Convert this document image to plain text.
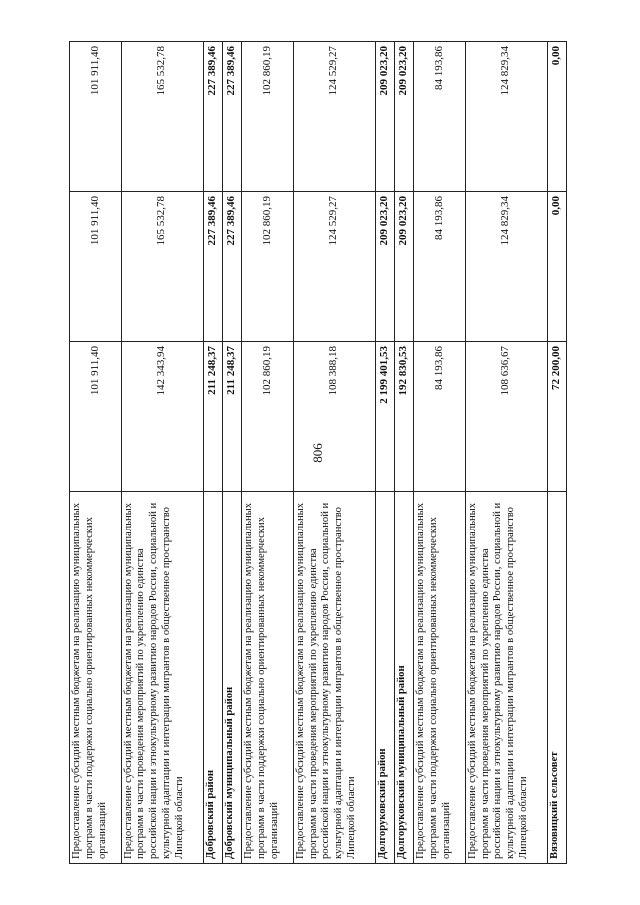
806
Предоставление субсидий местным бюджетам на реализацию муниципальных программ в части поддержки социально ориентированных некоммерческих организаций	101 911,40	101 911,40	101 911,40
Предоставление субсидий местным бюджетам на реализацию муниципальных программ в части проведения мероприятий по укреплению единства российской нации и этнокультурному развитию народов России, социальной и культурной адаптации и интеграции мигрантов в общественное пространство Липецкой области	142 343,94	165 532,78	165 532,78
Добровский район	211 248,37	227 389,46	227 389,46
Добровский муниципальный район	211 248,37	227 389,46	227 389,46
Предоставление субсидий местным бюджетам на реализацию муниципальных программ в части поддержки социально ориентированных некоммерческих организаций	102 860,19	102 860,19	102 860,19
Предоставление субсидий местным бюджетам на реализацию муниципальных программ в части проведения мероприятий по укреплению единства российской нации и этнокультурному развитию народов России, социальной и культурной адаптации и интеграции мигрантов в общественное пространство Липецкой области	108 388,18	124 529,27	124 529,27
Долгоруковский район	2 199 401,53	209 023,20	209 023,20
Долгоруковский муниципальный район	192 830,53	209 023,20	209 023,20
Предоставление субсидий местным бюджетам на реализацию муниципальных программ в части поддержки социально ориентированных некоммерческих организаций	84 193,86	84 193,86	84 193,86
Предоставление субсидий местным бюджетам на реализацию муниципальных программ в части проведения мероприятий по укреплению единства российской нации и этнокультурному развитию народов России, социальной и культурной адаптации и интеграции мигрантов в общественное пространство Липецкой области	108 636,67	124 829,34	124 829,34
Вязовицкий сельсовет	72 200,00	0,00	0,00
